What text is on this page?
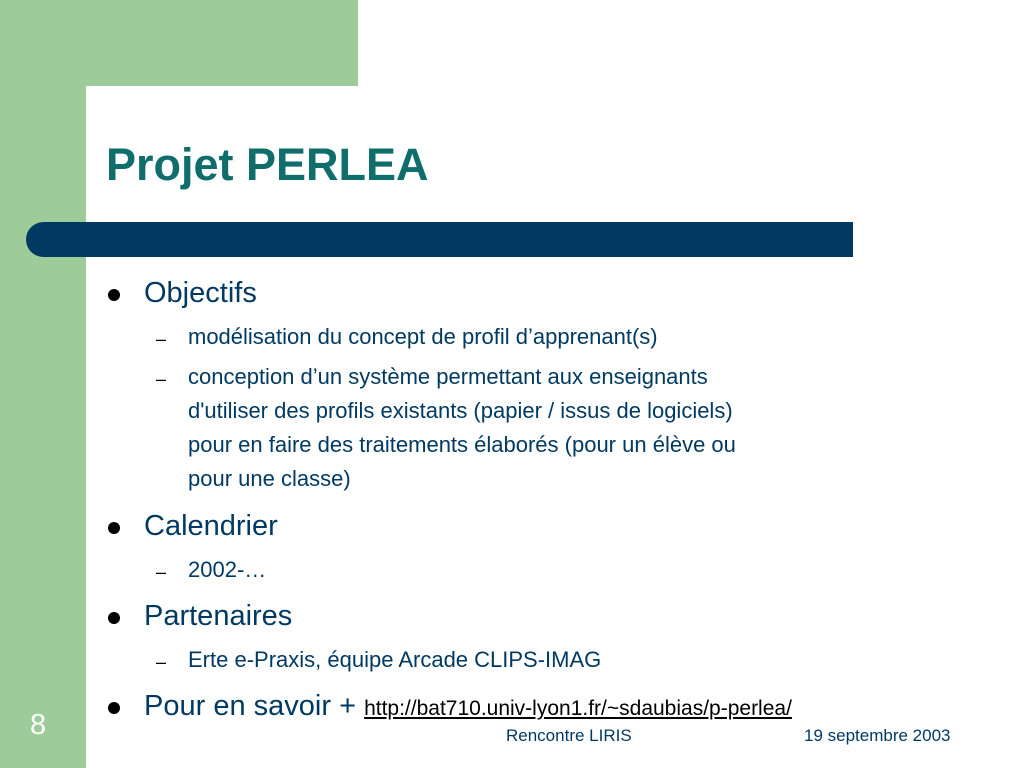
Projet PERLEA
Objectifs
– modélisation du concept de profil d’apprenant(s)
– conception d’un système permettant aux enseignants
d'utiliser des profils existants (papier / issus de logiciels)
pour en faire des traitements élaborés (pour un élève ou
pour une classe)
Calendrier
– 2002-…
Partenaires
– Erte e-Praxis, équipe Arcade CLIPS-IMAG
Pour en savoir + http://bat710.univ-lyon1.fr/~sdaubias/p-perlea/
8	Rencontre LIRIS	19 septembre 2003
